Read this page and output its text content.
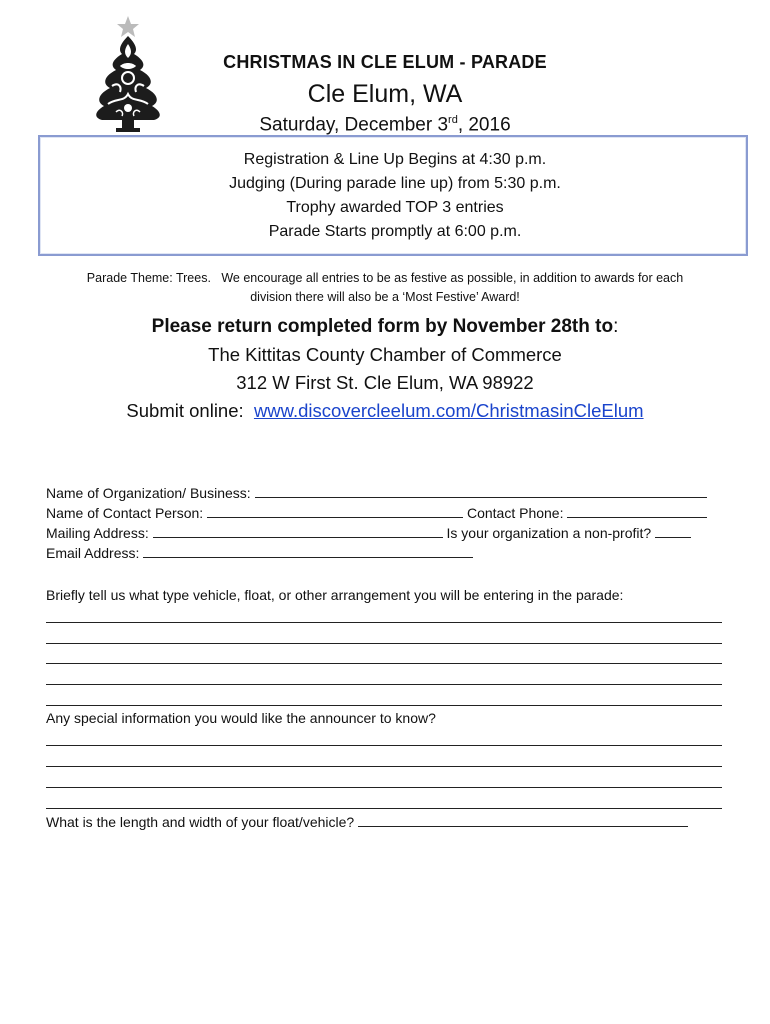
CHRISTMAS IN CLE ELUM - PARADE
Cle Elum, WA
Saturday, December 3rd, 2016
Registration & Line Up Begins at 4:30 p.m.
Judging (During parade line up) from 5:30 p.m.
Trophy awarded TOP 3 entries
Parade Starts promptly at 6:00 p.m.
Parade Theme: Trees.   We encourage all entries to be as festive as possible, in addition to awards for each
division there will also be a ‘Most Festive’ Award!
Please return completed form by November 28th to:
The Kittitas County Chamber of Commerce
312 W First St. Cle Elum, WA 98922
Submit online:  www.discovercleelum.com/ChristmasinCleElum
Name of Organization/ Business:
Name of Contact Person:	Contact Phone:
Mailing Address:	Is your organization a non-profit?
Email Address:
Briefly tell us what type vehicle, float, or other arrangement you will be entering in the parade:
Any special information you would like the announcer to know?
What is the length and width of your float/vehicle?
